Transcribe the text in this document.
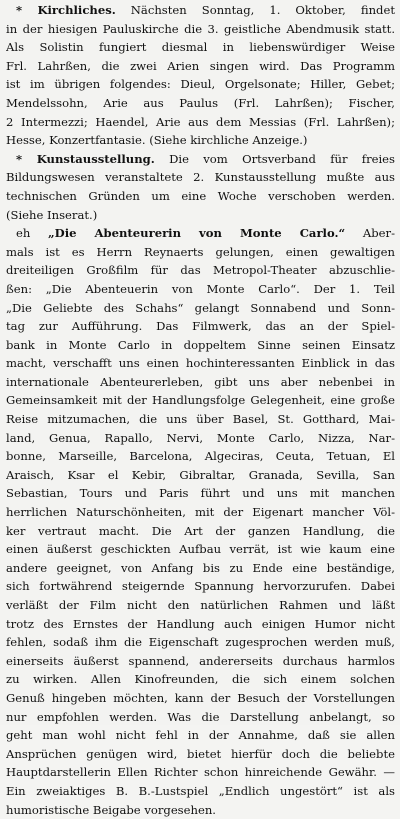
* Kirchliches. Nächsten Sonntag, 1. Oktober, findet
in der hiesigen Pauluskirche die 3. geistliche Abendmusik statt.
Als Solistin fungiert diesmal in liebenswürdiger Weise
Frl. Lahrßen, die zwei Arien singen wird. Das Programm
ist im übrigen folgendes: Dieul, Orgelsonate; Hiller, Gebet;
Mendelssohn, Arie aus Paulus (Frl. Lahrßen); Fischer,
2 Intermezzi; Haendel, Arie aus dem Messias (Frl. Lahrßen);
Hesse, Konzertfantasie. (Siehe kirchliche Anzeige.)
* Kunstausstellung. Die vom Ortsverband für freies
Bildungswesen veranstaltete 2. Kunstausstellung mußte aus
technischen Gründen um eine Woche verschoben werden.
(Siehe Inserat.)
eh „Die Abenteurerin von Monte Carlo.“ Aber-
mals ist es Herrn Reynaerts gelungen, einen gewaltigen
dreiteiligen Großfilm für das Metropol-Theater abzuschlie-
ßen: „Die Abenteuerin von Monte Carlo“. Der 1. Teil
„Die Geliebte des Schahs“ gelangt Sonnabend und Sonn-
tag zur Aufführung. Das Filmwerk, das an der Spiel-
bank in Monte Carlo in doppeltem Sinne seinen Einsatz
macht, verschafft uns einen hochinteressanten Einblick in das
internationale Abenteurerleben, gibt uns aber nebenbei in
Gemeinsamkeit mit der Handlungsfolge Gelegenheit, eine große
Reise mitzumachen, die uns über Basel, St. Gotthard, Mai-
land, Genua, Rapallo, Nervi, Monte Carlo, Nizza, Nar-
bonne, Marseille, Barcelona, Algeciras, Ceuta, Tetuan, El
Araisch, Ksar el Kebir, Gibraltar, Granada, Sevilla, San
Sebastian, Tours und Paris führt und uns mit manchen
herrlichen Naturschönheiten, mit der Eigenart mancher Völ-
ker vertraut macht. Die Art der ganzen Handlung, die
einen äußerst geschickten Aufbau verrät, ist wie kaum eine
andere geeignet, von Anfang bis zu Ende eine beständige,
sich fortwährend steigernde Spannung hervorzurufen. Dabei
verläßt der Film nicht den natürlichen Rahmen und läßt
trotz des Ernstes der Handlung auch einigen Humor nicht
fehlen, sodaß ihm die Eigenschaft zugesprochen werden muß,
einerseits äußerst spannend, andererseits durchaus harmlos
zu wirken. Allen Kinofreunden, die sich einem solchen
Genuß hingeben möchten, kann der Besuch der Vorstellungen
nur empfohlen werden. Was die Darstellung anbelangt, so
geht man wohl nicht fehl in der Annahme, daß sie allen
Ansprüchen genügen wird, bietet hierfür doch die beliebte
Hauptdarstellerin Ellen Richter schon hinreichende Gewähr. —
Ein zweiaktiges B. B.-Lustspiel „Endlich ungestört“ ist als
humoristische Beigabe vorgesehen.
